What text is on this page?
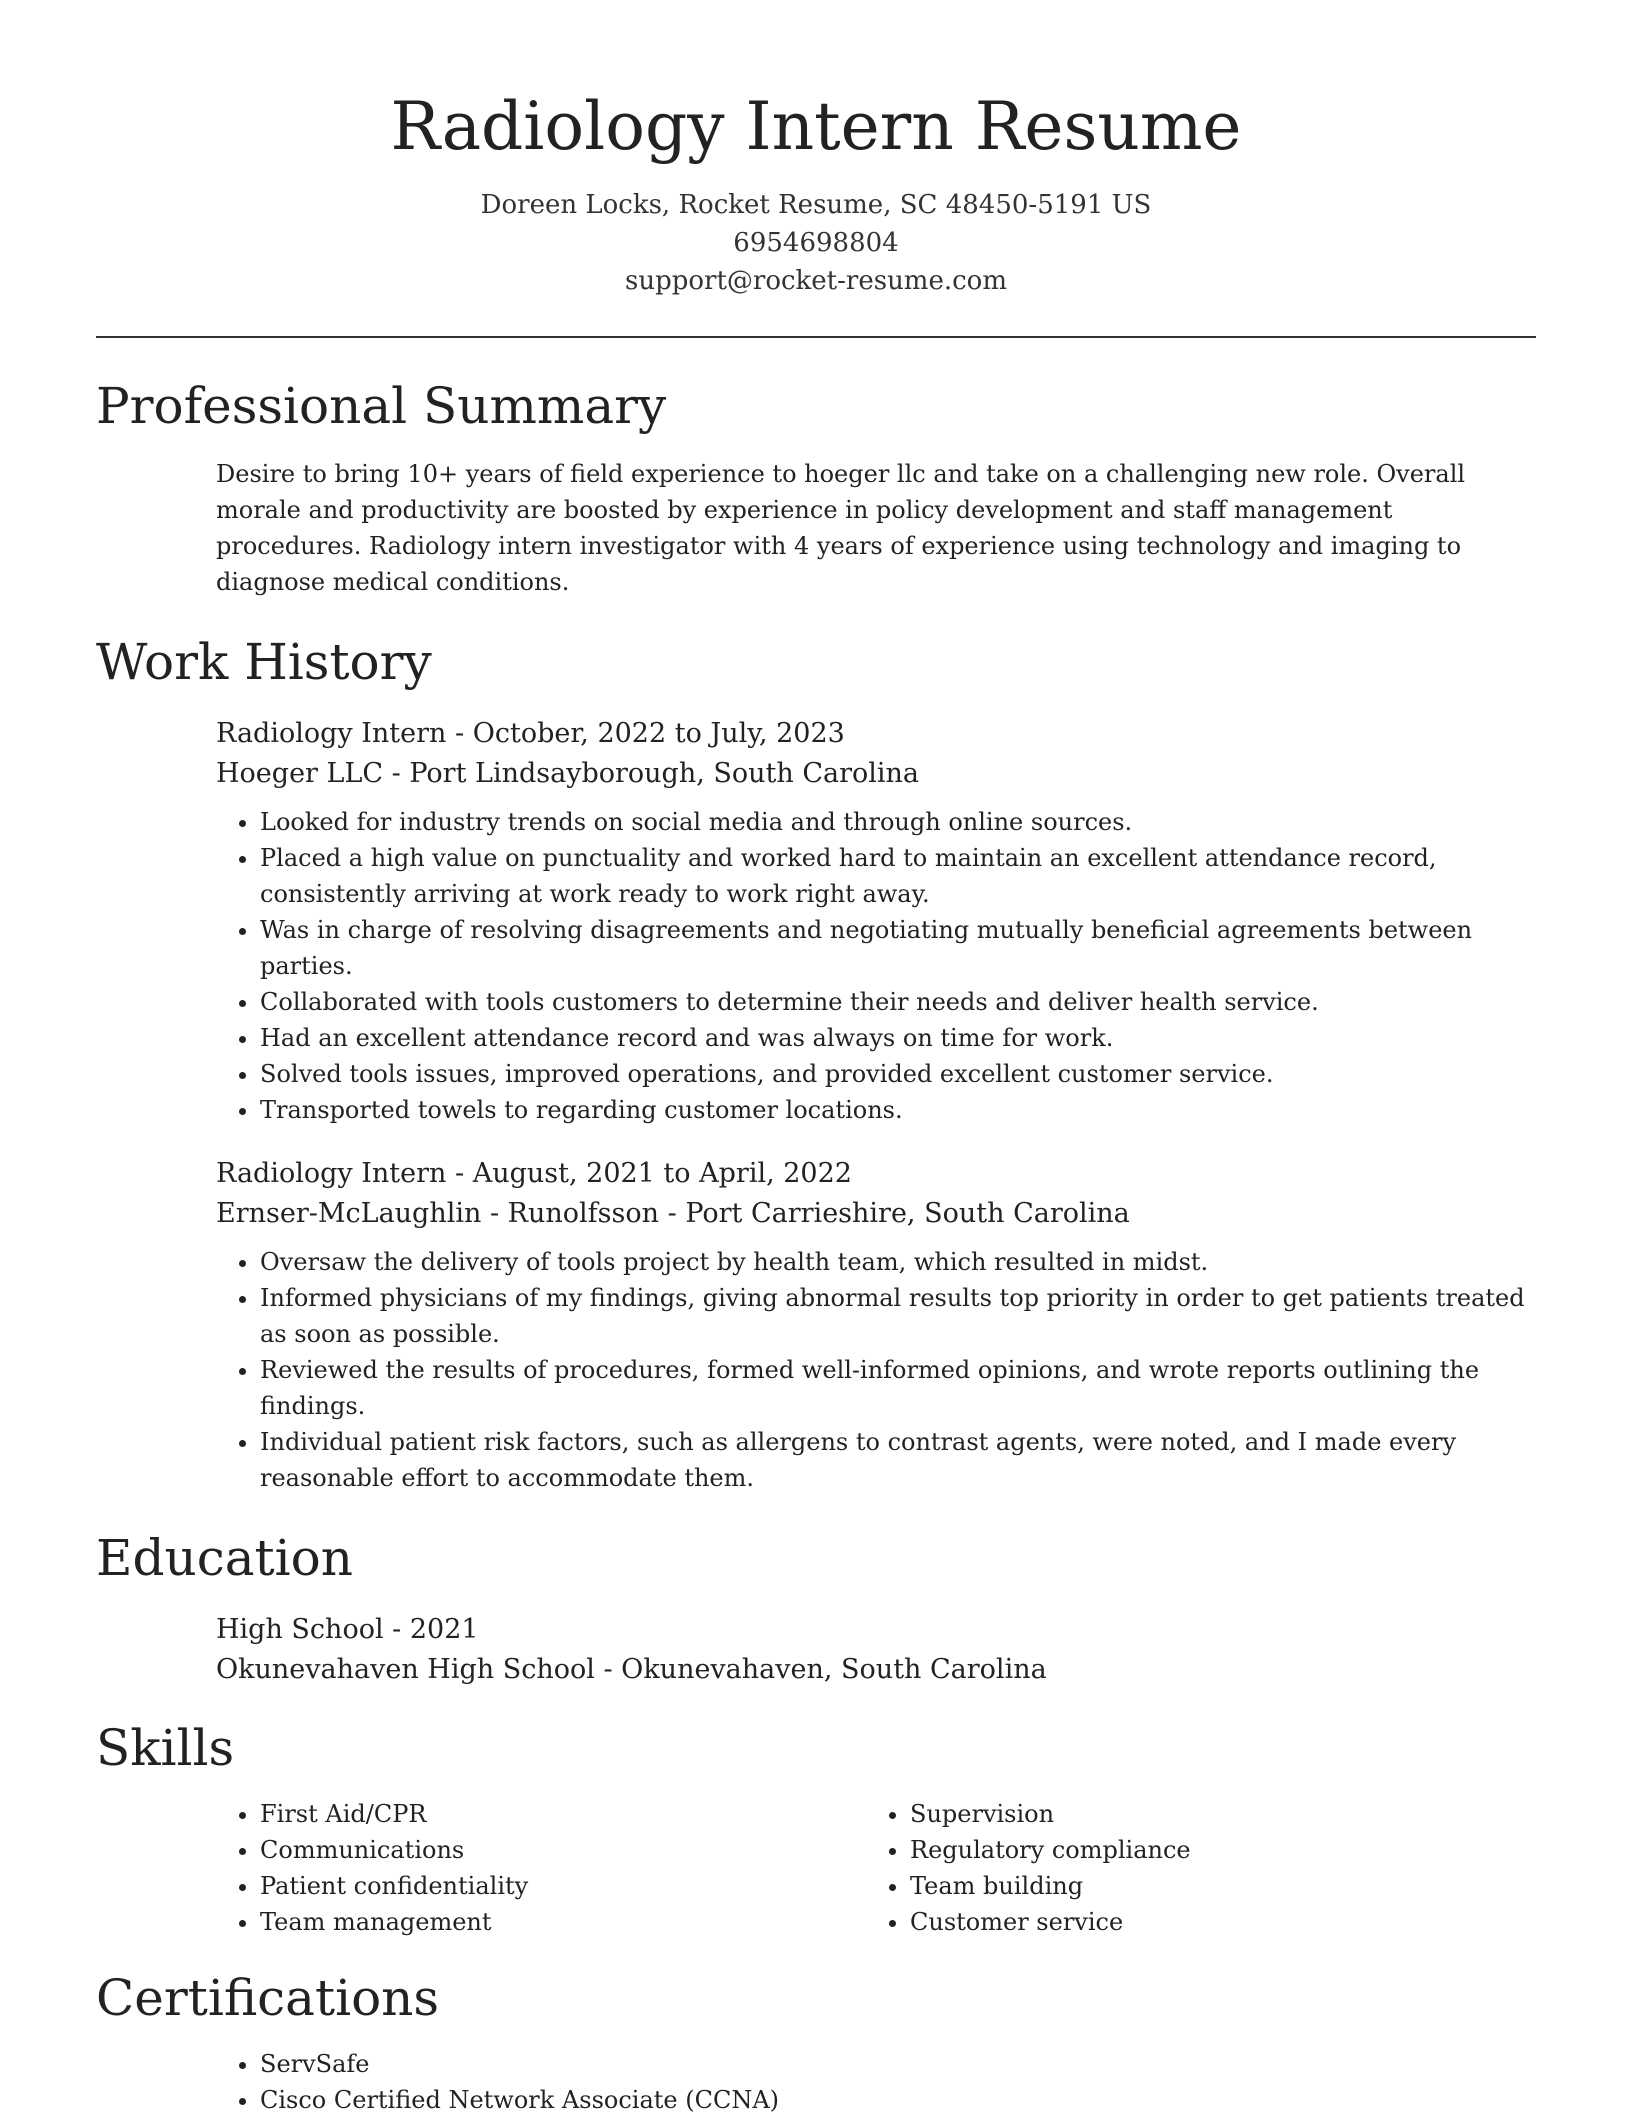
Radiology Intern Resume
Doreen Locks, Rocket Resume, SC 48450-5191 US
6954698804
support@rocket-resume.com
Professional Summary
Desire to bring 10+ years of field experience to hoeger llc and take on a challenging new role. Overall morale and productivity are boosted by experience in policy development and staff management procedures. Radiology intern investigator with 4 years of experience using technology and imaging to diagnose medical conditions.
Work History
Radiology Intern - October, 2022 to July, 2023
Hoeger LLC - Port Lindsayborough, South Carolina
• Looked for industry trends on social media and through online sources.
• Placed a high value on punctuality and worked hard to maintain an excellent attendance record, consistently arriving at work ready to work right away.
• Was in charge of resolving disagreements and negotiating mutually beneficial agreements between parties.
• Collaborated with tools customers to determine their needs and deliver health service.
• Had an excellent attendance record and was always on time for work.
• Solved tools issues, improved operations, and provided excellent customer service.
• Transported towels to regarding customer locations.
Radiology Intern - August, 2021 to April, 2022
Ernser-McLaughlin - Runolfsson - Port Carrieshire, South Carolina
• Oversaw the delivery of tools project by health team, which resulted in midst.
• Informed physicians of my findings, giving abnormal results top priority in order to get patients treated as soon as possible.
• Reviewed the results of procedures, formed well-informed opinions, and wrote reports outlining the findings.
• Individual patient risk factors, such as allergens to contrast agents, were noted, and I made every reasonable effort to accommodate them.
Education
High School - 2021
Okunevahaven High School - Okunevahaven, South Carolina
Skills
• First Aid/CPR
• Communications
• Patient confidentiality
• Team management
• Supervision
• Regulatory compliance
• Team building
• Customer service
Certifications
• ServSafe
• Cisco Certified Network Associate (CCNA)
